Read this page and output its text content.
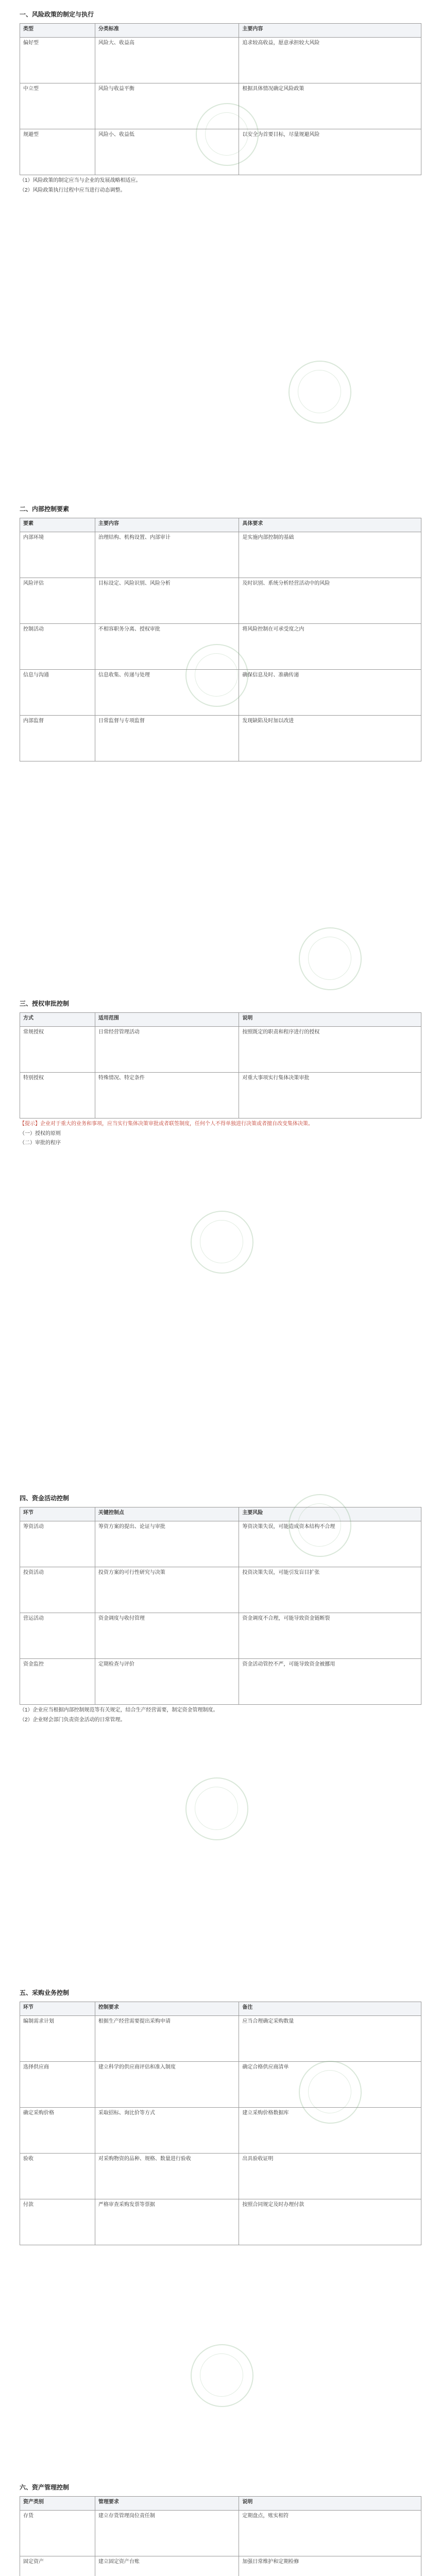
一、风险政策的制定与执行
类型	分类标准	主要内容
偏好型	风险大、收益高	追求较高收益，愿意承担较大风险
中立型	风险与收益平衡	根据具体情况确定风险政策
规避型	风险小、收益低	以安全为首要目标，尽量规避风险
（1）风险政策的制定应当与企业的发展战略相适应。
（2）风险政策执行过程中应当进行动态调整。
二、内部控制要素
要素	主要内容	具体要求
内部环境	治理结构、机构设置、内部审计	是实施内部控制的基础
风险评估	目标设定、风险识别、风险分析	及时识别、系统分析经营活动中的风险
控制活动	不相容职务分离、授权审批	将风险控制在可承受度之内
信息与沟通	信息收集、传递与处理	确保信息及时、准确传递
内部监督	日常监督与专项监督	发现缺陷及时加以改进
三、授权审批控制
方式	适用范围	说明
常规授权	日常经营管理活动	按照既定的职责和程序进行的授权
特别授权	特殊情况、特定条件	对重大事项实行集体决策审批
【提示】企业对于重大的业务和事项，应当实行集体决策审批或者联签制度，任何个人不得单独进行决策或者擅自改变集体决策。
（一）授权的原则
（二）审批的程序
四、资金活动控制
环节	关键控制点	主要风险
筹资活动	筹资方案的提出、论证与审批	筹资决策失误，可能造成资本结构不合理
投资活动	投资方案的可行性研究与决策	投资决策失误，可能引发盲目扩张
营运活动	资金调度与收付管理	资金调度不合理，可能导致资金链断裂
资金监控	定期检查与评价	资金活动管控不严，可能导致资金被挪用
（1）企业应当根据内部控制规范等有关规定，结合生产经营需要，制定资金管理制度。
（2）企业财会部门负责资金活动的日常管理。
五、采购业务控制
环节	控制要求	备注
编制需求计划	根据生产经营需要提出采购申请	应当合理确定采购数量
选择供应商	建立科学的供应商评估和准入制度	确定合格供应商清单
确定采购价格	采取招标、询比价等方式	建立采购价格数据库
验收	对采购物资的品种、规格、数量进行验收	出具验收证明
付款	严格审查采购发票等票据	按照合同规定及时办理付款
六、资产管理控制
资产类别	管理要求	说明
存货	建立存货管理岗位责任制	定期盘点，账实相符
固定资产	建立固定资产台账	加强日常维护和定期检修
